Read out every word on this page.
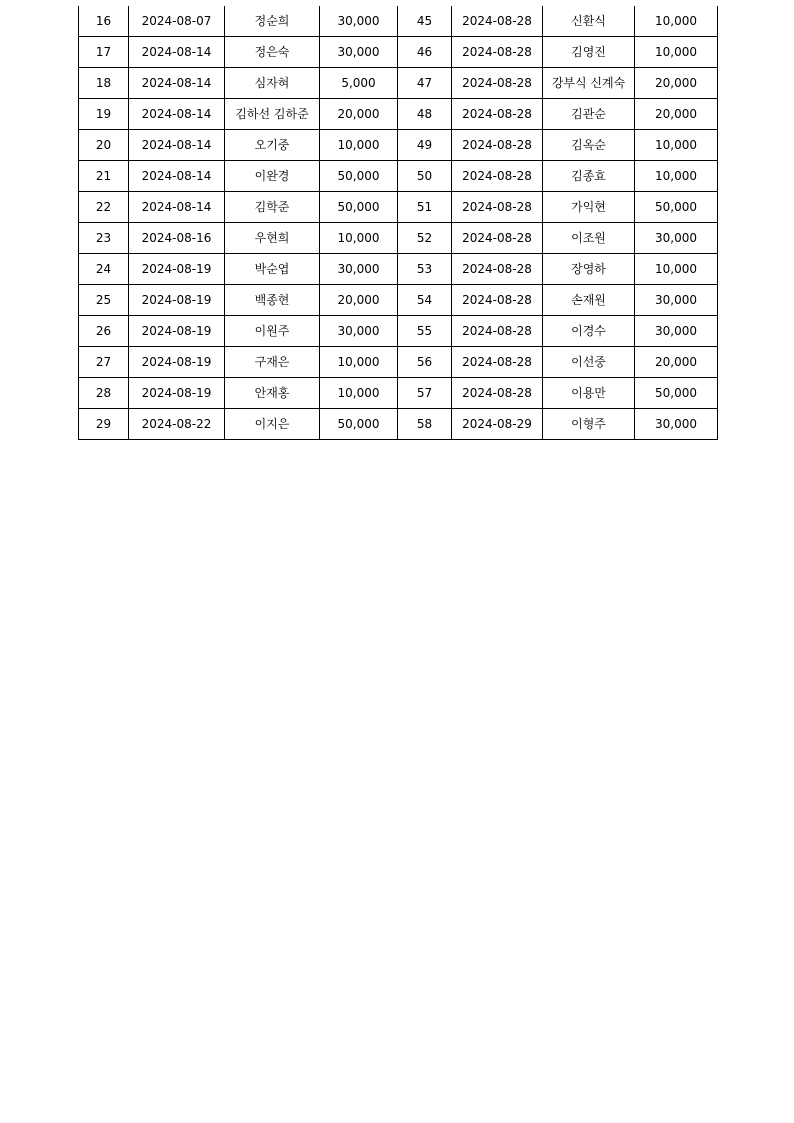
16	2024-08-07	정순희	30,000	45	2024-08-28	신환식	10,000
17	2024-08-14	정은숙	30,000	46	2024-08-28	김영진	10,000
18	2024-08-14	심자혀	5,000	47	2024-08-28	강부식 신계숙	20,000
19	2024-08-14	김하선 김하준	20,000	48	2024-08-28	김관순	20,000
20	2024-08-14	오기중	10,000	49	2024-08-28	김옥순	10,000
21	2024-08-14	이완경	50,000	50	2024-08-28	김종효	10,000
22	2024-08-14	김학준	50,000	51	2024-08-28	가익현	50,000
23	2024-08-16	우현희	10,000	52	2024-08-28	이조원	30,000
24	2024-08-19	박순엽	30,000	53	2024-08-28	장영하	10,000
25	2024-08-19	백종현	20,000	54	2024-08-28	손재원	30,000
26	2024-08-19	이원주	30,000	55	2024-08-28	이경수	30,000
27	2024-08-19	구재은	10,000	56	2024-08-28	이선중	20,000
28	2024-08-19	안재홍	10,000	57	2024-08-28	이용만	50,000
29	2024-08-22	이지은	50,000	58	2024-08-29	이형주	30,000
